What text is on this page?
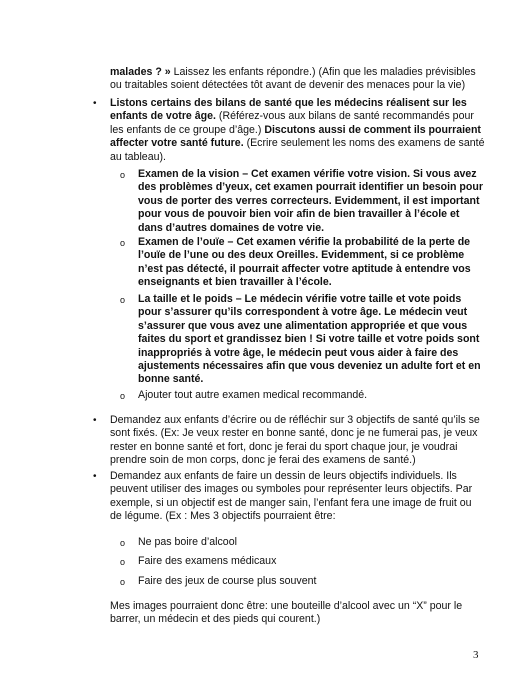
malades ? » Laissez les enfants répondre.) (Afin que les maladies prévisibles ou traitables soient détectées tôt avant de devenir des menaces pour la vie)

• Listons certains des bilans de santé que les médecins réalisent sur les enfants de votre âge. (Référez-vous aux bilans de santé recommandés pour les enfants de ce groupe d’âge.) Discutons aussi de comment ils pourraient affecter votre santé future. (Ecrire seulement les noms des examens de santé au tableau).

o Examen de la vision – Cet examen vérifie votre vision. Si vous avez des problèmes d’yeux, cet examen pourrait identifier un besoin pour vous de porter des verres correcteurs. Evidemment, il est important pour vous de pouvoir bien voir afin de bien travailler à l’école et dans d’autres domaines de votre vie.

o Examen de l’ouïe – Cet examen vérifie la probabilité de la perte de l’ouïe de l’une ou des deux Oreilles. Evidemment, si ce problème n’est pas détecté, il pourrait affecter votre aptitude à entendre vos enseignants et bien travailler à l’école.

o La taille et le poids – Le médecin vérifie votre taille et vote poids pour s’assurer qu’ils correspondent à votre âge. Le médecin veut s’assurer que vous avez une alimentation appropriée et que vous faites du sport et grandissez bien ! Si votre taille et votre poids sont inappropriés à votre âge, le médecin peut vous aider à faire des ajustements nécessaires afin que vous deveniez un adulte fort et en bonne santé.

o Ajouter tout autre examen medical recommandé.

• Demandez aux enfants d’écrire ou de réfléchir sur 3 objectifs de santé qu’ils se sont fixés. (Ex: Je veux rester en bonne santé, donc je ne fumerai pas, je veux rester en bonne santé et fort, donc je ferai du sport chaque jour, je voudrai prendre soin de mon corps, donc je ferai des examens de santé.)

• Demandez aux enfants de faire un dessin de leurs objectifs individuels. Ils peuvent utiliser des images ou symboles pour représenter leurs objectifs. Par exemple, si un objectif est de manger sain, l’enfant fera une image de fruit ou de légume. (Ex : Mes 3 objectifs pourraient être:

o Ne pas boire d’alcool

o Faire des examens médicaux

o Faire des jeux de course plus souvent

Mes images pourraient donc être: une bouteille d’alcool avec un “X” pour le barrer, un médecin et des pieds qui courent.)

3
